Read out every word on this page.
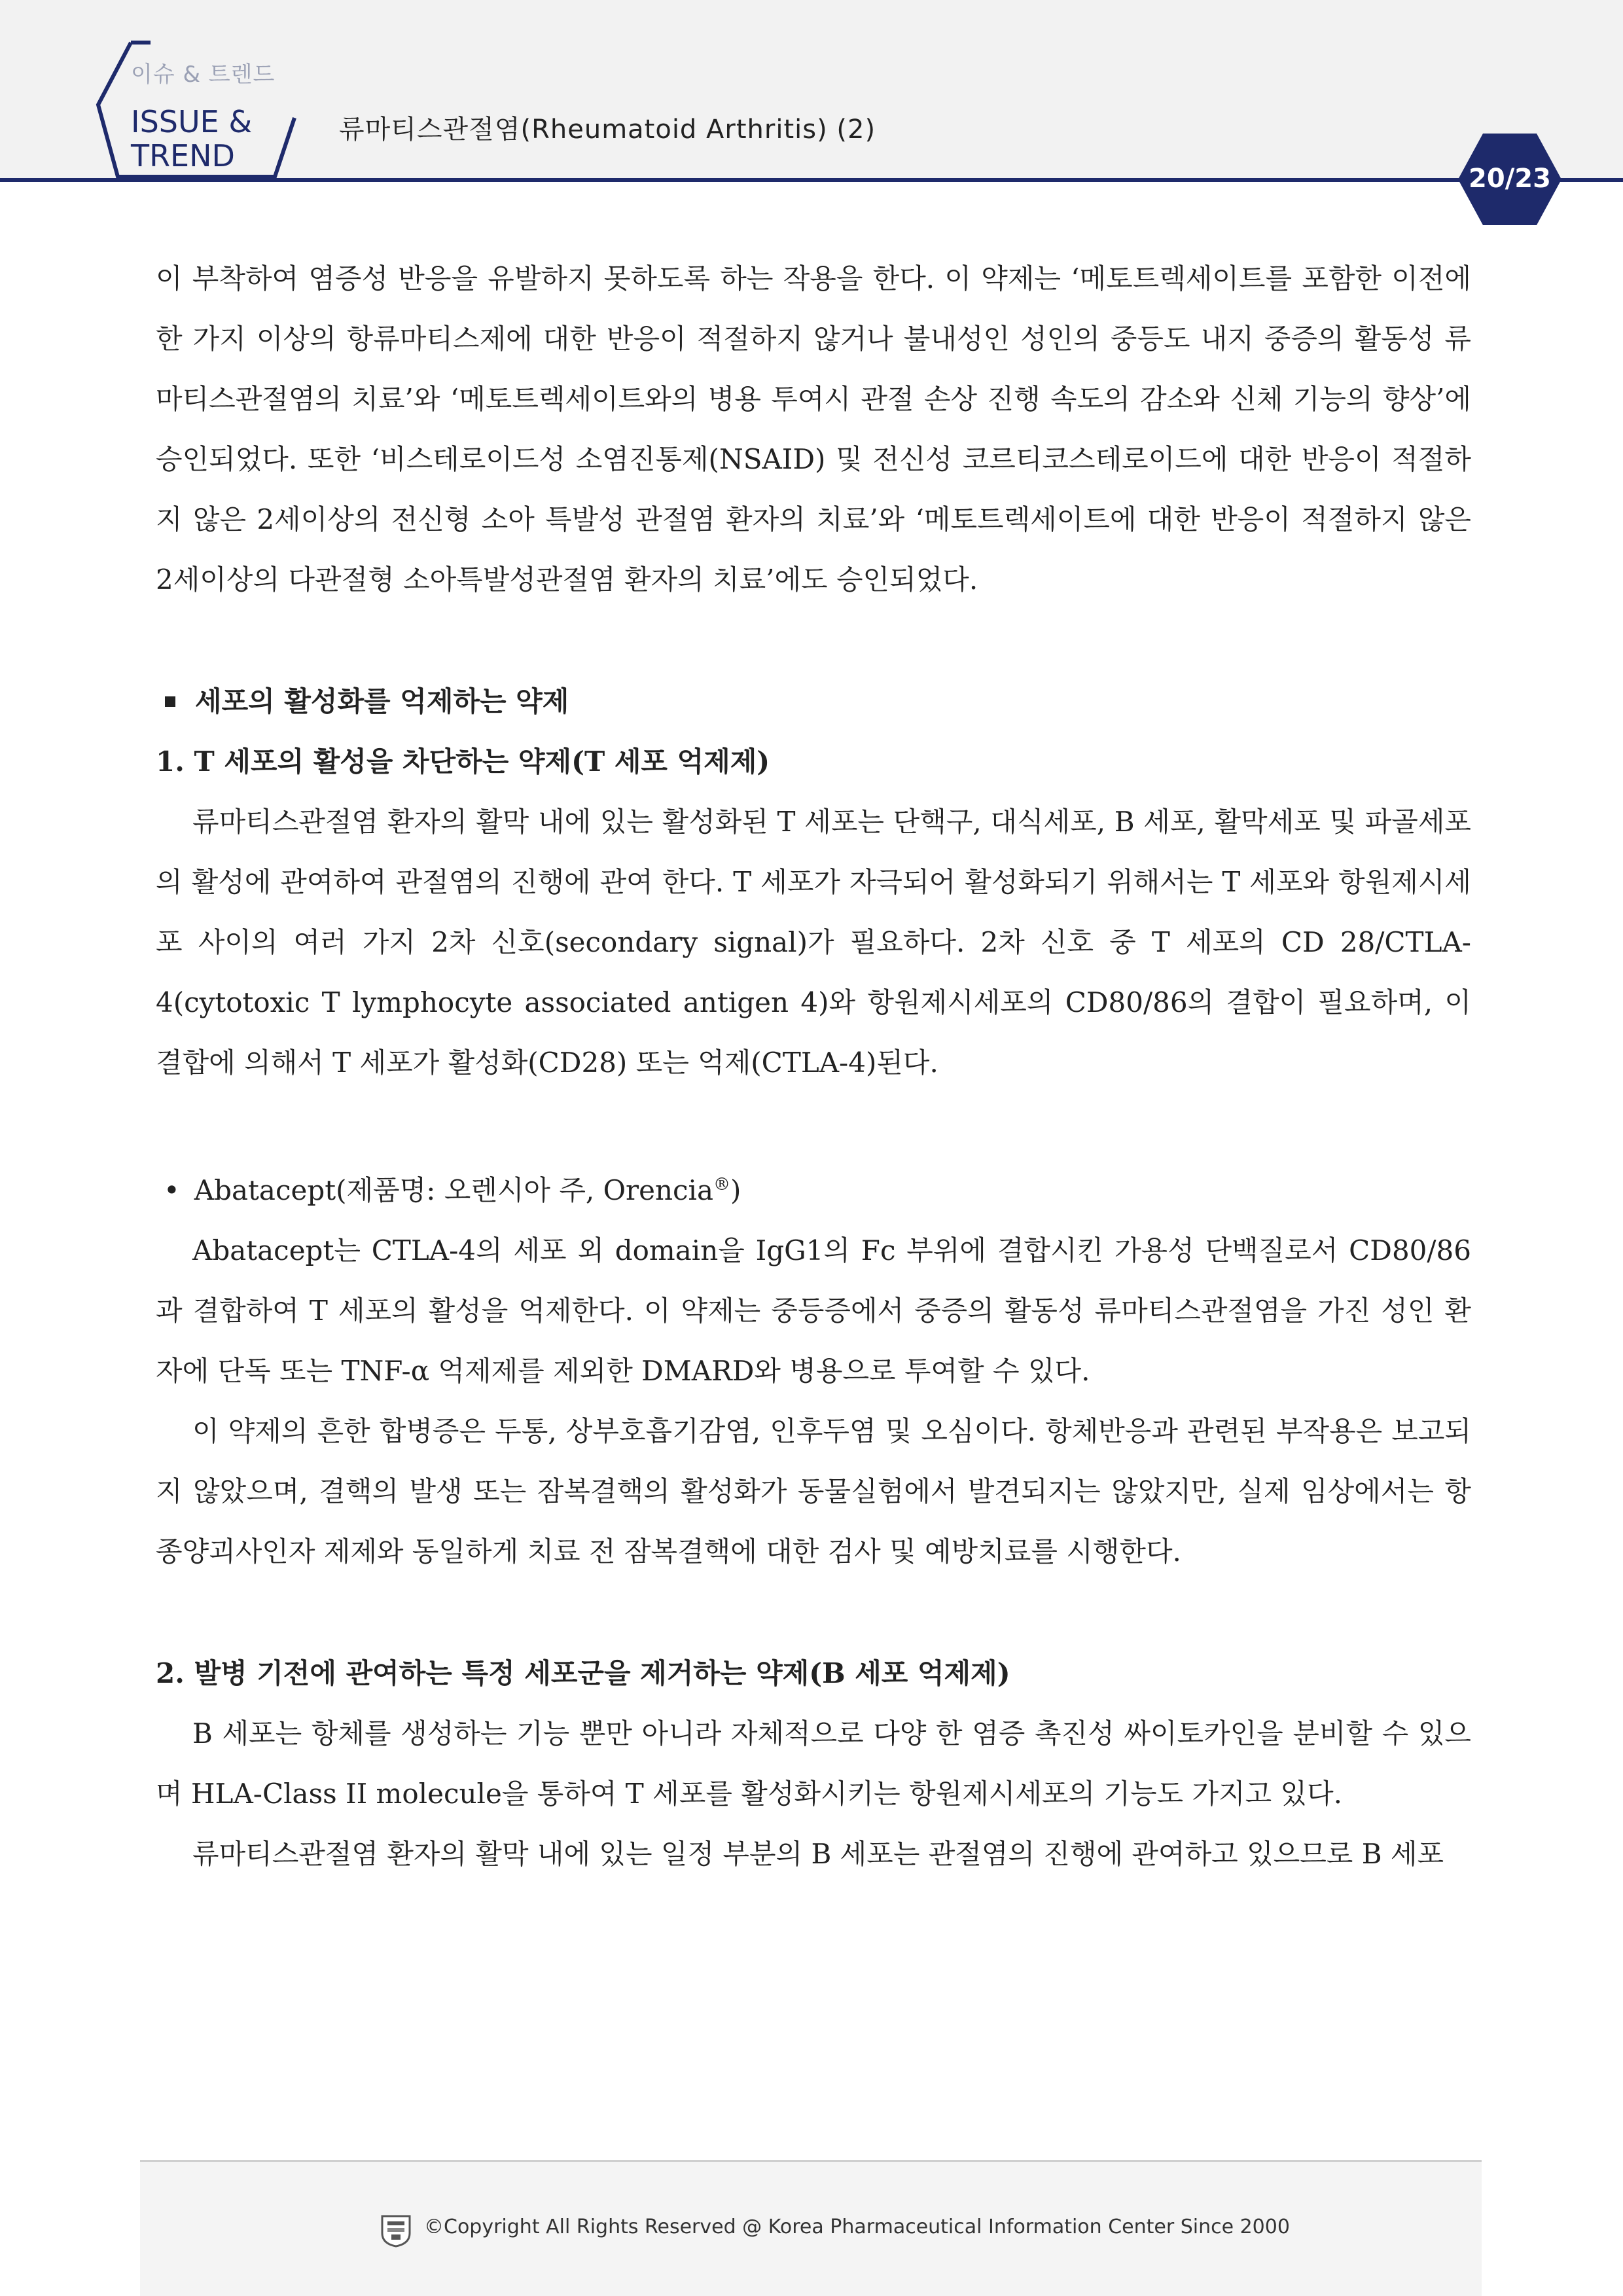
이슈 & 트렌드
ISSUE &
TREND
류마티스관절염(Rheumatoid Arthritis) (2)
20/23

이 부착하여 염증성 반응을 유발하지 못하도록 하는 작용을 한다. 이 약제는 ‘메토트렉세이트를 포함한 이전에 한 가지 이상의 항류마티스제에 대한 반응이 적절하지 않거나 불내성인 성인의 중등도 내지 중증의 활동성 류마티스관절염의 치료’와 ‘메토트렉세이트와의 병용 투여시 관절 손상 진행 속도의 감소와 신체 기능의 향상’에 승인되었다. 또한 ‘비스테로이드성 소염진통제(NSAID) 및 전신성 코르티코스테로이드에 대한 반응이 적절하지 않은 2세이상의 전신형 소아 특발성 관절염 환자의 치료’와 ‘메토트렉세이트에 대한 반응이 적절하지 않은 2세이상의 다관절형 소아특발성관절염 환자의 치료’에도 승인되었다.

세포의 활성화를 억제하는 약제

1. T 세포의 활성을 차단하는 약제(T 세포 억제제)

류마티스관절염 환자의 활막 내에 있는 활성화된 T 세포는 단핵구, 대식세포, B 세포, 활막세포 및 파골세포의 활성에 관여하여 관절염의 진행에 관여 한다. T 세포가 자극되어 활성화되기 위해서는 T 세포와 항원제시세포 사이의 여러 가지 2차 신호(secondary signal)가 필요하다. 2차 신호 중 T 세포의 CD 28/CTLA-4(cytotoxic T lymphocyte associated antigen 4)와 항원제시세포의 CD80/86의 결합이 필요하며, 이 결합에 의해서 T 세포가 활성화(CD28) 또는 억제(CTLA-4)된다.

• Abatacept(제품명: 오렌시아 주, Orencia®)

Abatacept는 CTLA-4의 세포 외 domain을 IgG1의 Fc 부위에 결합시킨 가용성 단백질로서 CD80/86과 결합하여 T 세포의 활성을 억제한다. 이 약제는 중등증에서 중증의 활동성 류마티스관절염을 가진 성인 환자에 단독 또는 TNF-α 억제제를 제외한 DMARD와 병용으로 투여할 수 있다.

이 약제의 흔한 합병증은 두통, 상부호흡기감염, 인후두염 및 오심이다. 항체반응과 관련된 부작용은 보고되지 않았으며, 결핵의 발생 또는 잠복결핵의 활성화가 동물실험에서 발견되지는 않았지만, 실제 임상에서는 항 종양괴사인자 제제와 동일하게 치료 전 잠복결핵에 대한 검사 및 예방치료를 시행한다.

2. 발병 기전에 관여하는 특정 세포군을 제거하는 약제(B 세포 억제제)

B 세포는 항체를 생성하는 기능 뿐만 아니라 자체적으로 다양 한 염증 촉진성 싸이토카인을 분비할 수 있으며 HLA-Class II molecule을 통하여 T 세포를 활성화시키는 항원제시세포의 기능도 가지고 있다.

류마티스관절염 환자의 활막 내에 있는 일정 부분의 B 세포는 관절염의 진행에 관여하고 있으므로 B 세포

©Copyright All Rights Reserved @ Korea Pharmaceutical Information Center Since 2000
